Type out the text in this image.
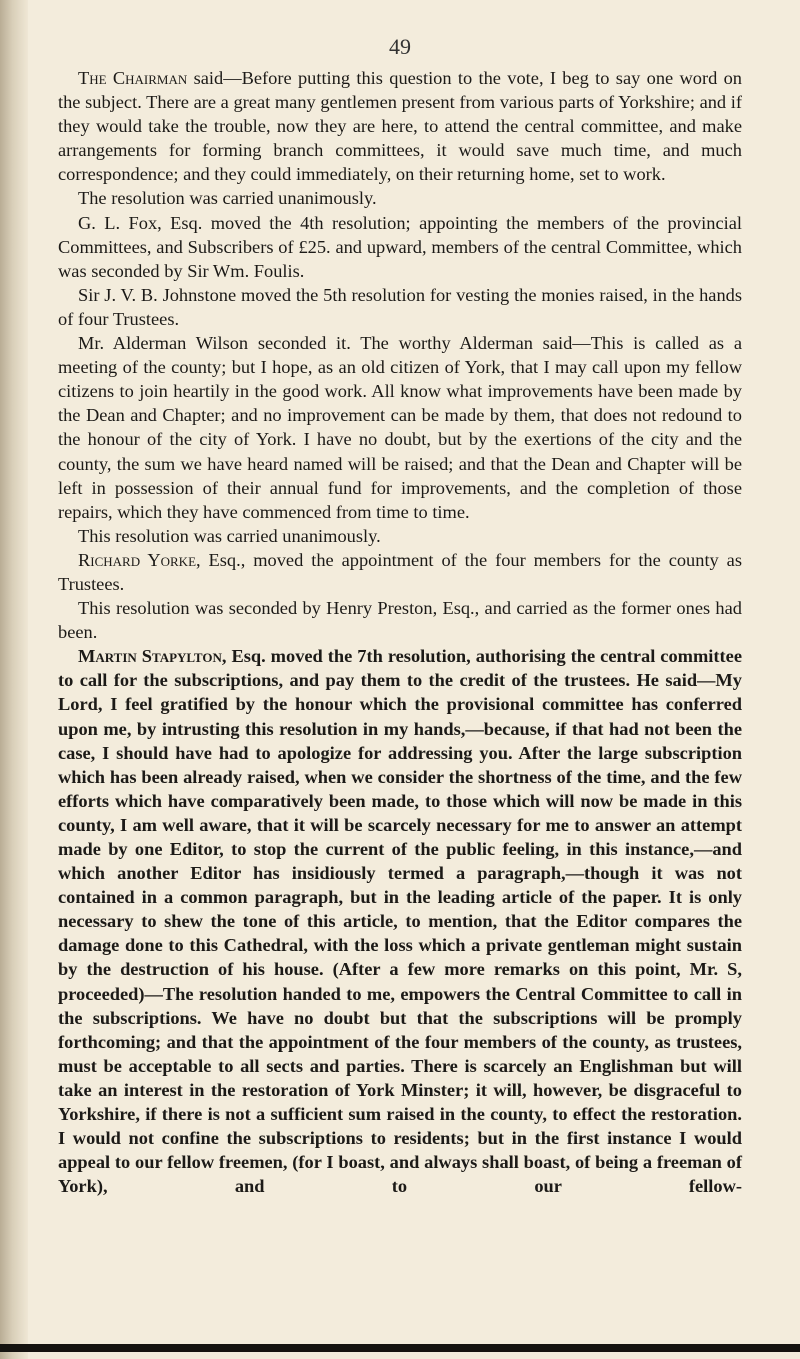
49

The Chairman said—Before putting this question to the vote, I beg to say one word on the subject. There are a great many gentlemen present from various parts of Yorkshire; and if they would take the trouble, now they are here, to attend the central committee, and make arrangements for forming branch committees, it would save much time, and much correspondence; and they could immediately, on their returning home, set to work.

The resolution was carried unanimously.

G. L. Fox, Esq. moved the 4th resolution; appointing the members of the provincial Committees, and Subscribers of £25. and upward, members of the central Committee, which was seconded by Sir Wm. Foulis.

Sir J. V. B. Johnstone moved the 5th resolution for vesting the monies raised, in the hands of four Trustees.

Mr. Alderman Wilson seconded it. The worthy Alderman said—This is called as a meeting of the county; but I hope, as an old citizen of York, that I may call upon my fellow citizens to join heartily in the good work. All know what improvements have been made by the Dean and Chapter; and no improvement can be made by them, that does not redound to the honour of the city of York. I have no doubt, but by the exertions of the city and the county, the sum we have heard named will be raised; and that the Dean and Chapter will be left in possession of their annual fund for improvements, and the completion of those repairs, which they have commenced from time to time.

This resolution was carried unanimously.

Richard Yorke, Esq., moved the appointment of the four members for the county as Trustees.

This resolution was seconded by Henry Preston, Esq., and carried as the former ones had been.

Martin Stapylton, Esq. moved the 7th resolution, authorising the central committee to call for the subscriptions, and pay them to the credit of the trustees. He said—My Lord, I feel gratified by the honour which the provisional committee has conferred upon me, by intrusting this resolution in my hands,—because, if that had not been the case, I should have had to apologize for addressing you. After the large subscription which has been already raised, when we consider the shortness of the time, and the few efforts which have comparatively been made, to those which will now be made in this county, I am well aware, that it will be scarcely necessary for me to answer an attempt made by one Editor, to stop the current of the public feeling, in this instance,—and which another Editor has insidiously termed a paragraph,—though it was not contained in a common paragraph, but in the leading article of the paper. It is only necessary to shew the tone of this article, to mention, that the Editor compares the damage done to this Cathedral, with the loss which a private gentleman might sustain by the destruction of his house. (After a few more remarks on this point, Mr. S, proceeded)—The resolution handed to me, empowers the Central Committee to call in the subscriptions. We have no doubt but that the subscriptions will be promply forthcoming; and that the appointment of the four members of the county, as trustees, must be acceptable to all sects and parties. There is scarcely an Englishman but will take an interest in the restoration of York Minster; it will, however, be disgraceful to Yorkshire, if there is not a sufficient sum raised in the county, to effect the restoration. I would not confine the subscriptions to residents; but in the first instance I would appeal to our fellow freemen, (for I boast, and always shall boast, of being a freeman of York), and to our fellow-
